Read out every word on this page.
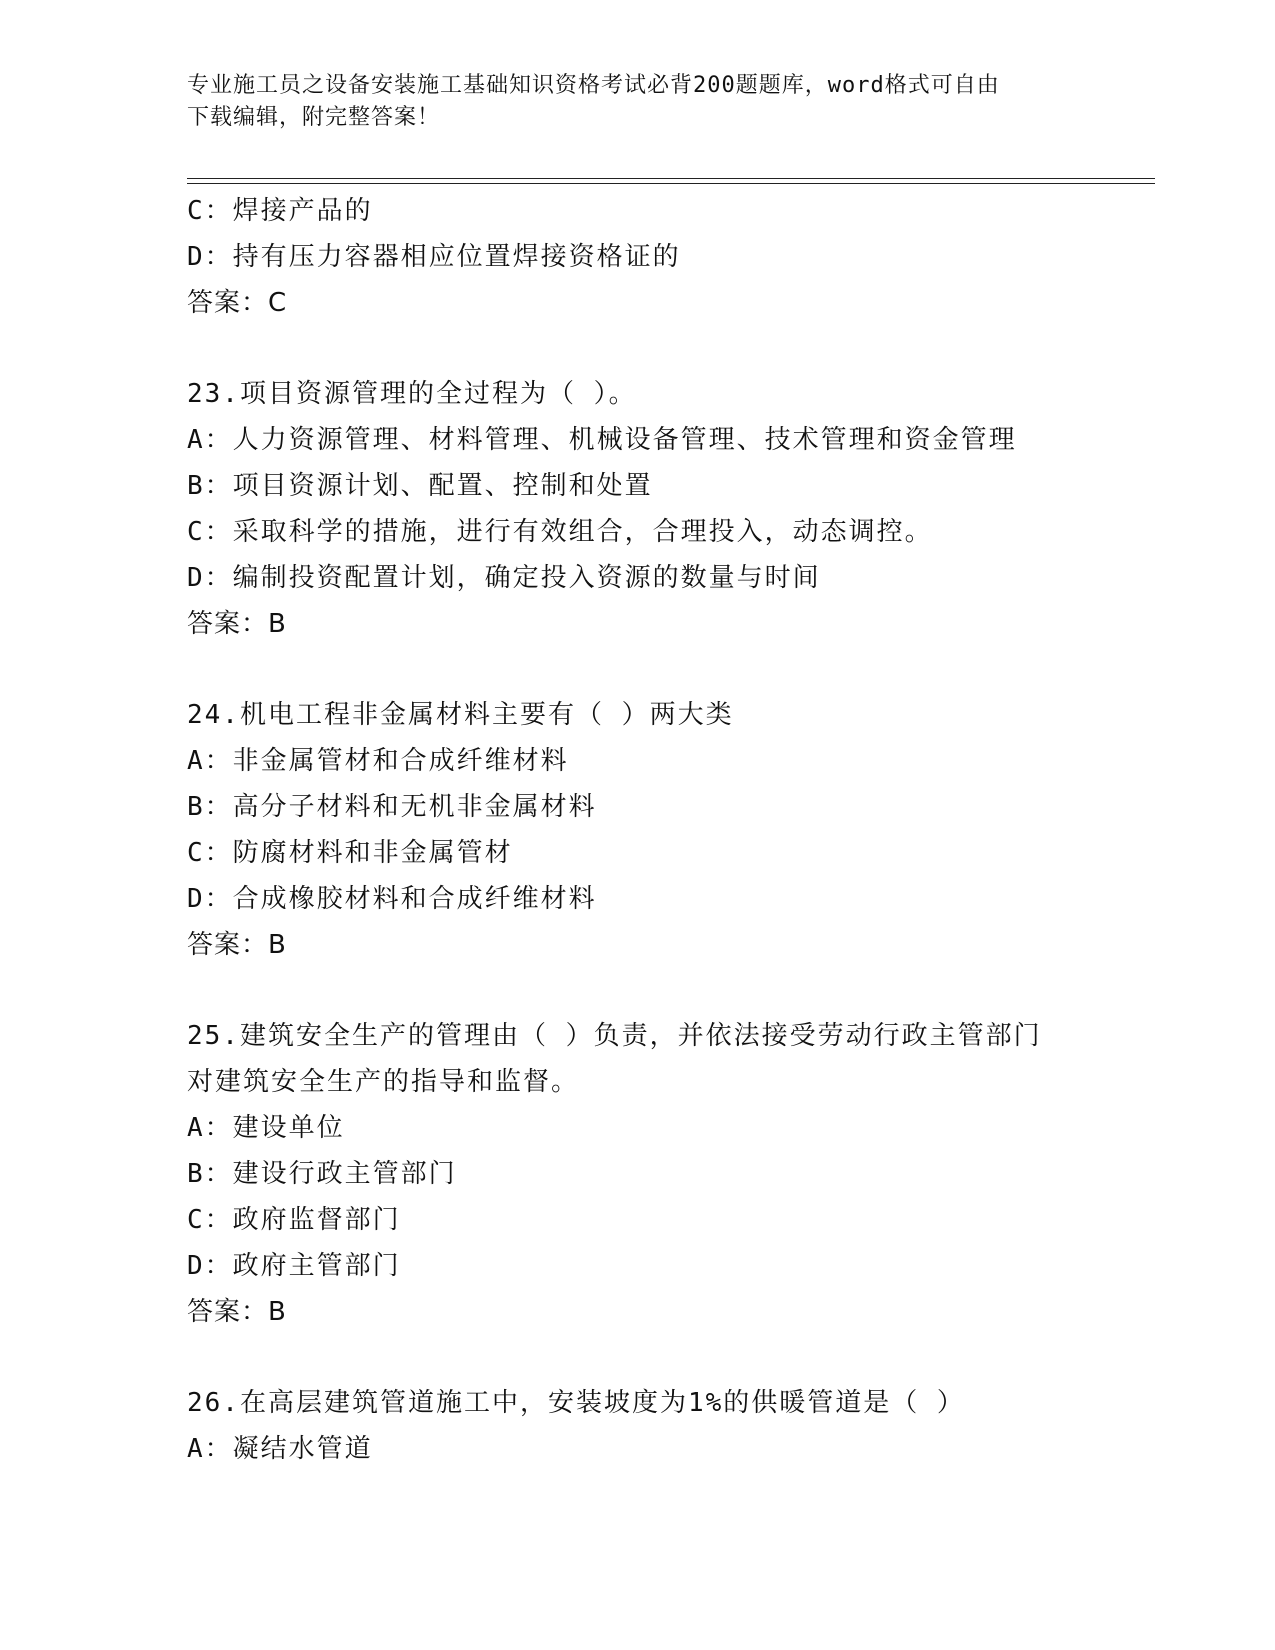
专业施工员之设备安装施工基础知识资格考试必背200题题库，word格式可自由
下载编辑，附完整答案！
C：焊接产品的
D：持有压力容器相应位置焊接资格证的
答案：C
23.项目资源管理的全过程为（ ）。
A：人力资源管理、材料管理、机械设备管理、技术管理和资金管理
B：项目资源计划、配置、控制和处置
C：采取科学的措施，进行有效组合，合理投入，动态调控。
D：编制投资配置计划，确定投入资源的数量与时间
答案：B
24.机电工程非金属材料主要有（ ）两大类
A：非金属管材和合成纤维材料
B：高分子材料和无机非金属材料
C：防腐材料和非金属管材
D：合成橡胶材料和合成纤维材料
答案：B
25.建筑安全生产的管理由（ ）负责，并依法接受劳动行政主管部门
对建筑安全生产的指导和监督。
A：建设单位
B：建设行政主管部门
C：政府监督部门
D：政府主管部门
答案：B
26.在高层建筑管道施工中，安装坡度为1%的供暖管道是（ ）
A：凝结水管道
